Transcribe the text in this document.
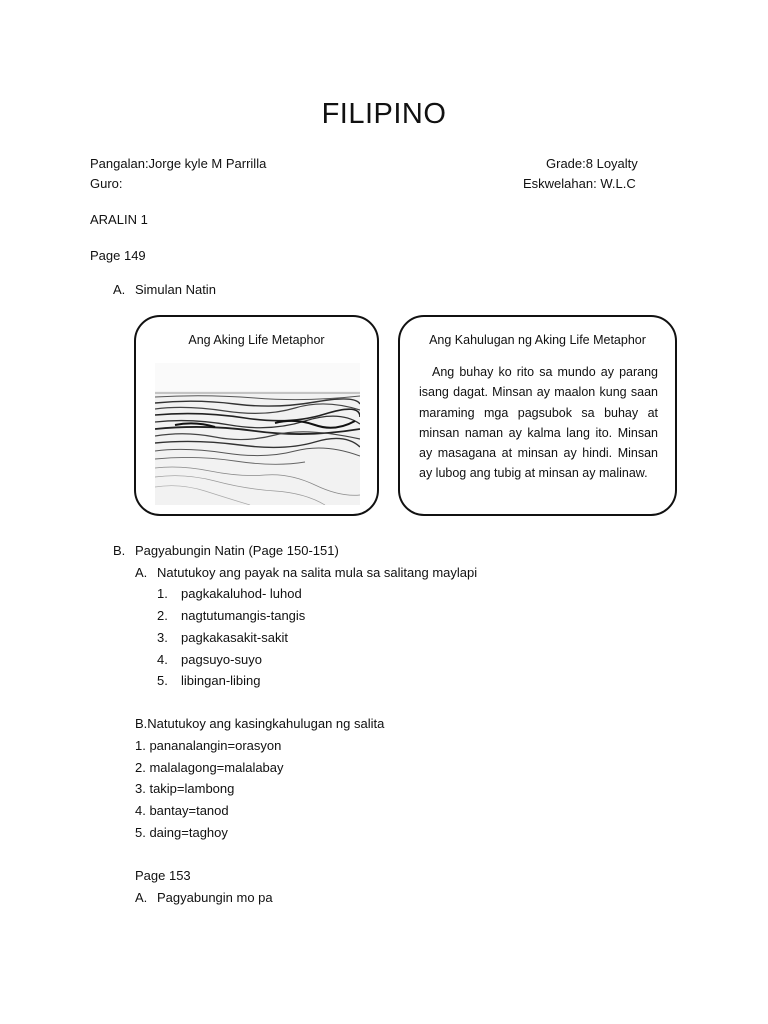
FILIPINO
Pangalan:Jorge kyle M Parrilla	Grade:8 Loyalty
Guro:	Eskwelahan: W.L.C
ARALIN 1
Page 149
A. Simulan Natin
Ang Aking Life Metaphor	Ang Kahulugan ng Aking Life Metaphor
Ang buhay ko rito sa mundo ay parang isang dagat. Minsan ay maalon kung saan maraming mga pagsubok sa buhay at minsan naman ay kalma lang ito. Minsan ay masagana at minsan ay hindi. Minsan ay lubog ang tubig at minsan ay malinaw.
B. Pagyabungin Natin (Page 150-151)
A. Natutukoy ang payak na salita mula sa salitang maylapi
1. pagkakaluhod- luhod
2. nagtutumangis-tangis
3. pagkakasakit-sakit
4. pagsuyo-suyo
5. libingan-libing
B.Natutukoy ang kasingkahulugan ng salita
1. pananalangin=orasyon
2. malalagong=malalabay
3. takip=lambong
4. bantay=tanod
5. daing=taghoy
Page 153
A. Pagyabungin mo pa
